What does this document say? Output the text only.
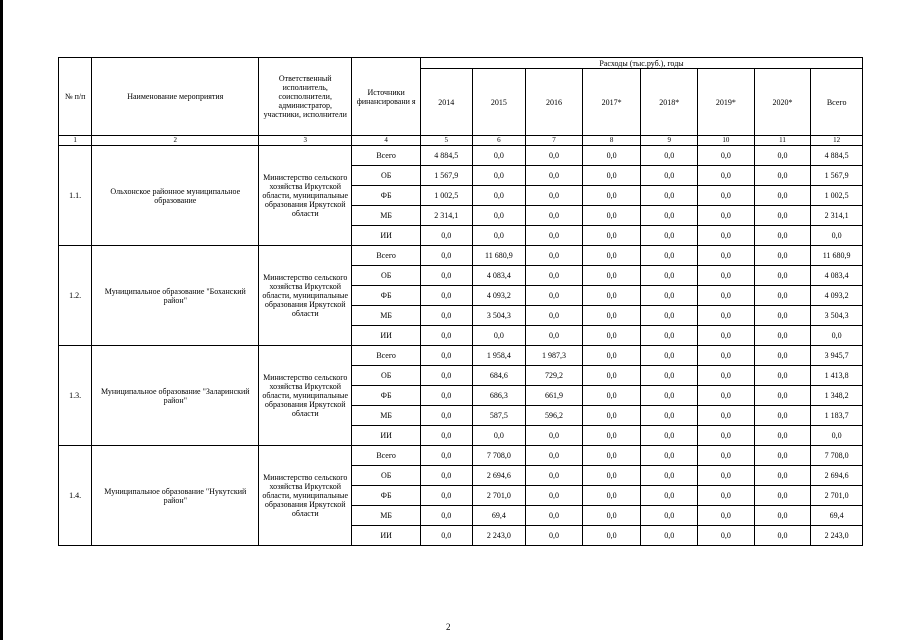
№ п/п	Наименование мероприятия	Ответственный исполнитель, соисполнители, администратор, участники, исполнители	Источники финансировани я	Расходы (тыс.руб.), годы							
				2014	2015	2016	2017*	2018*	2019*	2020*	Всего
1	2	3	4	5	6	7	8	9	10	11	12
1.1.	Ольхонское районное муниципальное образование	Министерство сельского хозяйства Иркутской области, муниципальные образования Иркутской области	Всего	4 884,5	0,0	0,0	0,0	0,0	0,0	0,0	4 884,5
			ОБ	1 567,9	0,0	0,0	0,0	0,0	0,0	0,0	1 567,9
			ФБ	1 002,5	0,0	0,0	0,0	0,0	0,0	0,0	1 002,5
			МБ	2 314,1	0,0	0,0	0,0	0,0	0,0	0,0	2 314,1
			ИИ	0,0	0,0	0,0	0,0	0,0	0,0	0,0	0,0
1.2.	Муниципальное образование "Боханский район"	Министерство сельского хозяйства Иркутской области, муниципальные образования Иркутской области	Всего	0,0	11 680,9	0,0	0,0	0,0	0,0	0,0	11 680,9
			ОБ	0,0	4 083,4	0,0	0,0	0,0	0,0	0,0	4 083,4
			ФБ	0,0	4 093,2	0,0	0,0	0,0	0,0	0,0	4 093,2
			МБ	0,0	3 504,3	0,0	0,0	0,0	0,0	0,0	3 504,3
			ИИ	0,0	0,0	0,0	0,0	0,0	0,0	0,0	0,0
1.3.	Муниципальное образование "Заларинский район"	Министерство сельского хозяйства Иркутской области, муниципальные образования Иркутской области	Всего	0,0	1 958,4	1 987,3	0,0	0,0	0,0	0,0	3 945,7
			ОБ	0,0	684,6	729,2	0,0	0,0	0,0	0,0	1 413,8
			ФБ	0,0	686,3	661,9	0,0	0,0	0,0	0,0	1 348,2
			МБ	0,0	587,5	596,2	0,0	0,0	0,0	0,0	1 183,7
			ИИ	0,0	0,0	0,0	0,0	0,0	0,0	0,0	0,0
1.4.	Муниципальное образование "Нукутский район"	Министерство сельского хозяйства Иркутской области, муниципальные образования Иркутской области	Всего	0,0	7 708,0	0,0	0,0	0,0	0,0	0,0	7 708,0
			ОБ	0,0	2 694,6	0,0	0,0	0,0	0,0	0,0	2 694,6
			ФБ	0,0	2 701,0	0,0	0,0	0,0	0,0	0,0	2 701,0
			МБ	0,0	69,4	0,0	0,0	0,0	0,0	0,0	69,4
			ИИ	0,0	2 243,0	0,0	0,0	0,0	0,0	0,0	2 243,0
2
